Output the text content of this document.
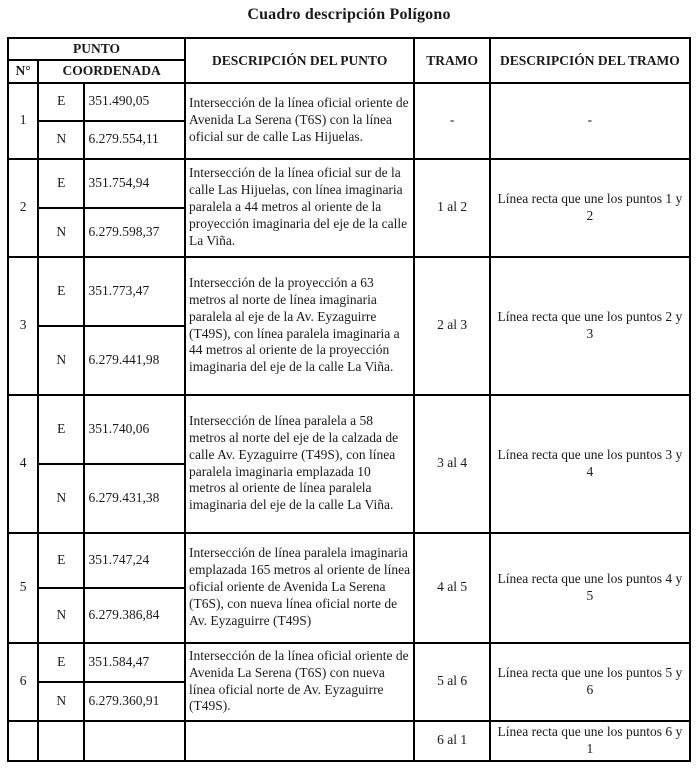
Cuadro descripción Polígono
PUNTO			DESCRIPCIÓN DEL PUNTO	TRAMO	DESCRIPCIÓN DEL TRAMO
N°	COORDENADA				
1	E	351.490,05	Intersección de la línea oficial oriente de Avenida La Serena (T6S) con la línea oficial sur de calle Las Hijuelas.	-	-
	N	6.279.554,11			
2	E	351.754,94	Intersección de la línea oficial sur de la calle Las Hijuelas, con línea imaginaria paralela a 44 metros al oriente de la proyección imaginaria del eje de la calle La Viña.	1 al 2	Línea recta que une los puntos 1 y 2
	N	6.279.598,37			
3	E	351.773,47	Intersección de la proyección a 63 metros al norte de línea imaginaria paralela al eje de la Av. Eyzaguirre (T49S), con línea paralela imaginaria a 44 metros al oriente de la proyección imaginaria del eje de la calle La Viña.	2 al 3	Línea recta que une los puntos 2 y 3
	N	6.279.441,98			
4	E	351.740,06	Intersección de línea paralela a 58 metros al norte del eje de la calzada de calle Av. Eyzaguirre (T49S), con línea paralela imaginaria emplazada 10 metros al oriente de línea paralela imaginaria del eje de la calle La Viña.	3 al 4	Línea recta que une los puntos 3 y 4
	N	6.279.431,38			
5	E	351.747,24	Intersección de línea paralela imaginaria emplazada 165 metros al oriente de línea oficial oriente de Avenida La Serena (T6S), con nueva línea oficial norte de Av. Eyzaguirre (T49S)	4 al 5	Línea recta que une los puntos 4 y 5
	N	6.279.386,84			
6	E	351.584,47	Intersección de la línea oficial oriente de Avenida La Serena (T6S) con nueva línea oficial norte de Av. Eyzaguirre (T49S).	5 al 6	Línea recta que une los puntos 5 y 6
	N	6.279.360,91			
				6 al 1	Línea recta que une los puntos 6 y 1
